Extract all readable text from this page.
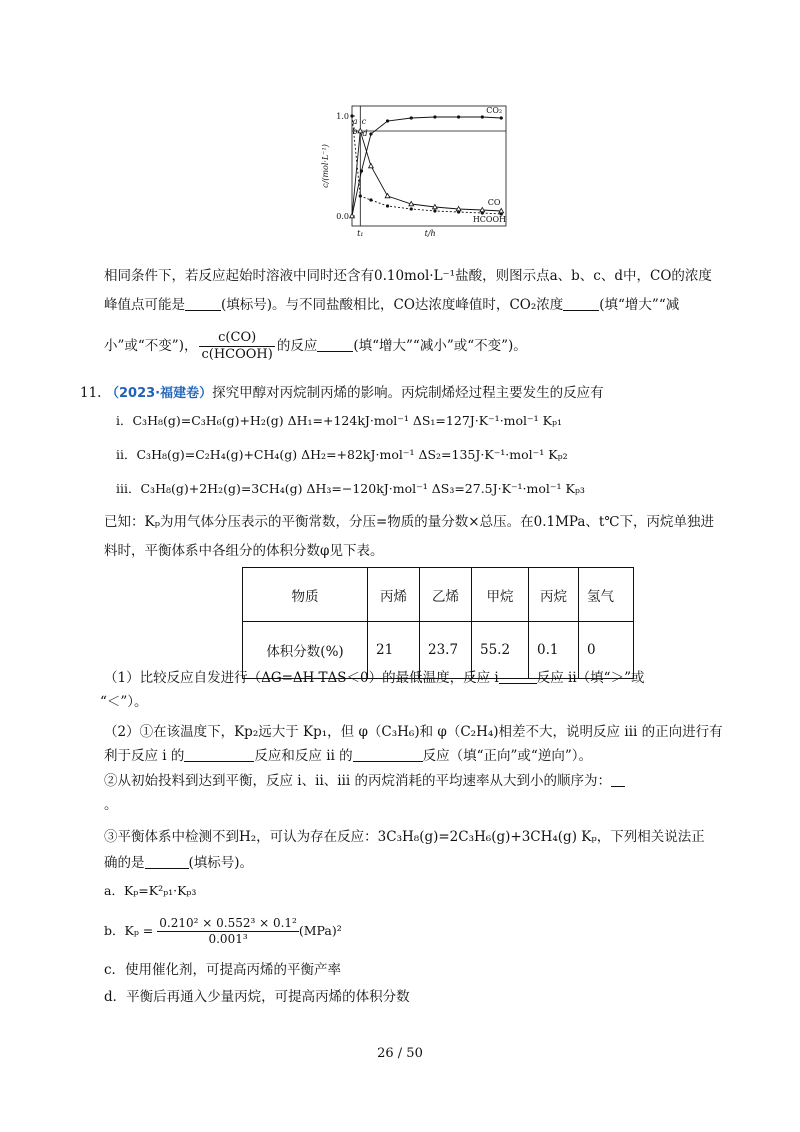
1.0
0.0
c/(mol·L⁻¹)
t₁	t/h
CO₂
CO
HCOOH
a
b
c
d
相同条件下，若反应起始时溶液中同时还含有0.10mol·L⁻¹盐酸，则图示点a、b、c、d中，CO的浓度
峰值点可能是	(填标号)。与不同盐酸相比，CO达浓度峰值时，CO₂浓度	(填“增大”“减
小”或“不变”)， $\frac{c(CO)}{\text{c(HCOOH)}}$ 的反应	(填“增大”“减小”或“不变”)。
11. （2023·福建卷）探究甲醇对丙烷制丙烯的影响。丙烷制烯烃过程主要发生的反应有
ⅰ．C₃H₈(g)=C₃H₆(g)+H₂(g) ΔH₁=+124kJ·mol⁻¹ ΔS₁=127J·K⁻¹·mol⁻¹ Kₚ₁
ⅱ．C₃H₈(g)=C₂H₄(g)+CH₄(g) ΔH₂=+82kJ·mol⁻¹ ΔS₂=135J·K⁻¹·mol⁻¹ Kₚ₂
ⅲ．C₃H₈(g)+2H₂(g)=3CH₄(g) ΔH₃=−120kJ·mol⁻¹ ΔS₃=27.5J·K⁻¹·mol⁻¹ Kₚ₃
已知：Kₚ为用气体分压表示的平衡常数，分压=物质的量分数×总压。在0.1MPa、t℃下，丙烷单独进
料时，平衡体系中各组分的体积分数φ见下表。
物质	丙烯	乙烯	甲烷	丙烷	氢气
体积分数(%)	21	23.7	55.2	0.1	0
（1）比较反应自发进行（ΔG=ΔH-TΔS＜0）的最低温度，反应 ⅰ	反应 ⅱ（填“＞”或
“＜”）。
（2）①在该温度下，Kp₂远大于 Kp₁，但 φ（C₃H₆)和 φ（C₂H₄)相差不大，说明反应 ⅲ 的正向进行有
利于反应 ⅰ 的	反应和反应 ⅱ 的	反应（填“正向”或“逆向”）。
②从初始投料到达到平衡，反应 ⅰ、ⅱ、ⅲ 的丙烷消耗的平均速率从大到小的顺序为：
。
③平衡体系中检测不到H₂，可认为存在反应：3C₃H₈(g)=2C₃H₆(g)+3CH₄(g) Kₚ，下列相关说法正
确的是	(填标号)。
a．Kₚ=K²ₚ₁·Kₚ₃
b．$K_p = \frac{\text{0.210² × 0.552³ × 0.1²}}{\text{0.001³}} (MPa)^2$
c．使用催化剂，可提高丙烯的平衡产率
d．平衡后再通入少量丙烷，可提高丙烯的体积分数
26 / 50
